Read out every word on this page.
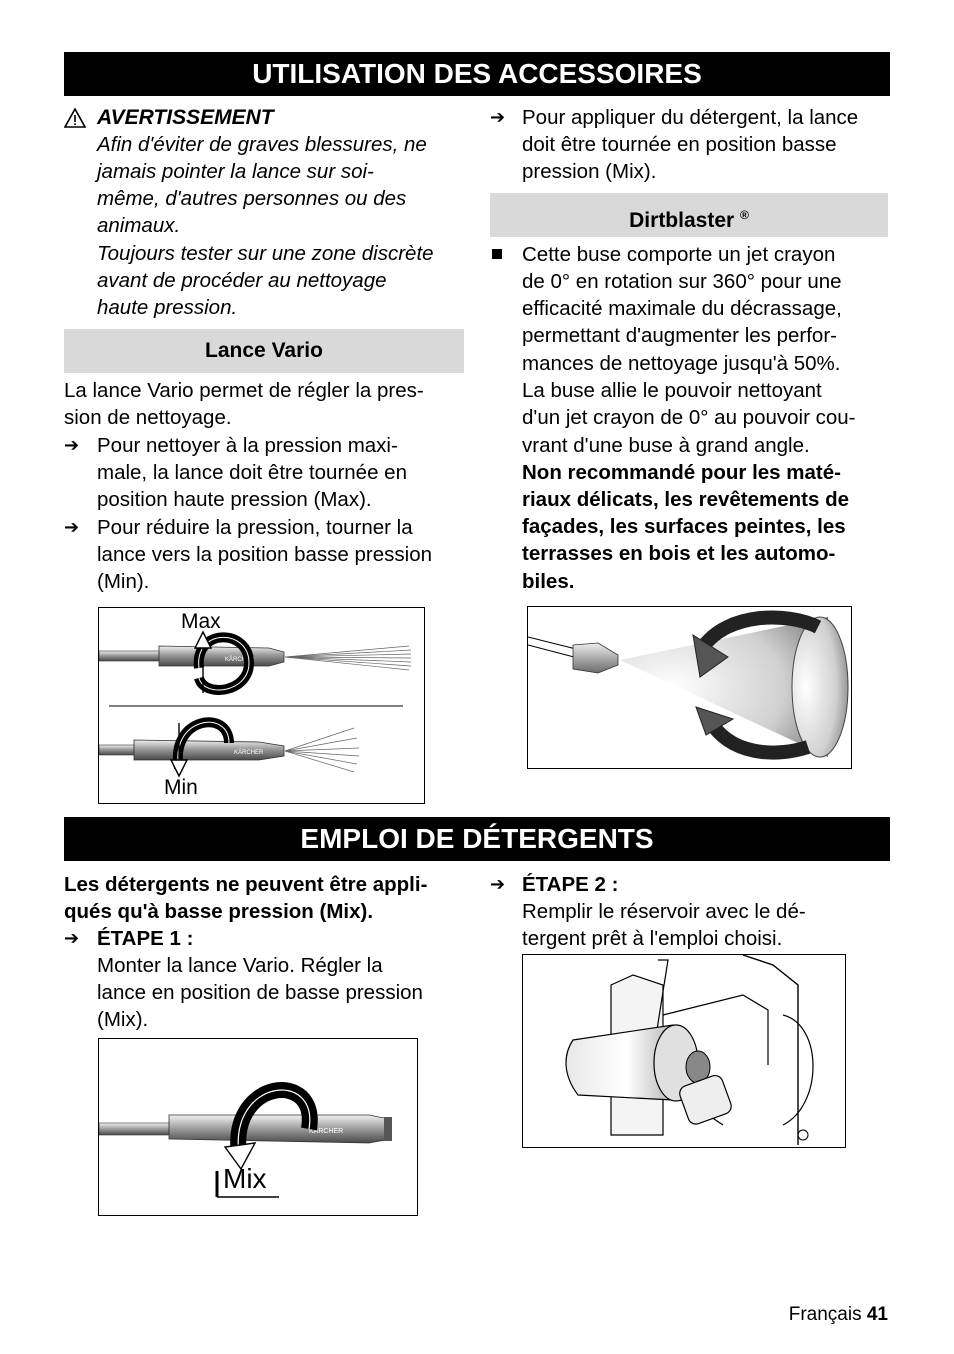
UTILISATION DES ACCESSOIRES
AVERTISSEMENT
Afin d'éviter de graves blessures, ne
jamais pointer la lance sur soi-
même, d'autres personnes ou des
animaux.
Toujours tester sur une zone discrète
avant de procéder au nettoyage
haute pression.
Lance Vario
La lance Vario permet de régler la pres-
sion de nettoyage.
➔ Pour nettoyer à la pression maxi-
male, la lance doit être tournée en
position haute pression (Max).
➔ Pour réduire la pression, tourner la
lance vers la position basse pression
(Min).
KÄRCHER
KÄRCHER
Max
Min
➔ Pour appliquer du détergent, la lance
doit être tournée en position basse
pression (Mix).
Dirtblaster ®
Cette buse comporte un jet crayon
de 0° en rotation sur 360° pour une
efficacité maximale du décrassage,
permettant d'augmenter les perfor-
mances de nettoyage jusqu'à 50%.
La buse allie le pouvoir nettoyant
d'un jet crayon de 0° au pouvoir cou-
vrant d'une buse à grand angle.
Non recommandé pour les maté-
riaux délicats, les revêtements de
façades, les surfaces peintes, les
terrasses en bois et les automo-
biles.
EMPLOI DE DÉTERGENTS
Les détergents ne peuvent être appli-
qués qu'à basse pression (Mix).
➔ ÉTAPE 1 :
Monter la lance Vario. Régler la
lance en position de basse pression
(Mix).
KÄRCHER
Mix
➔ ÉTAPE 2 :
Remplir le réservoir avec le dé-
tergent prêt à l'emploi choisi.
Français 41
